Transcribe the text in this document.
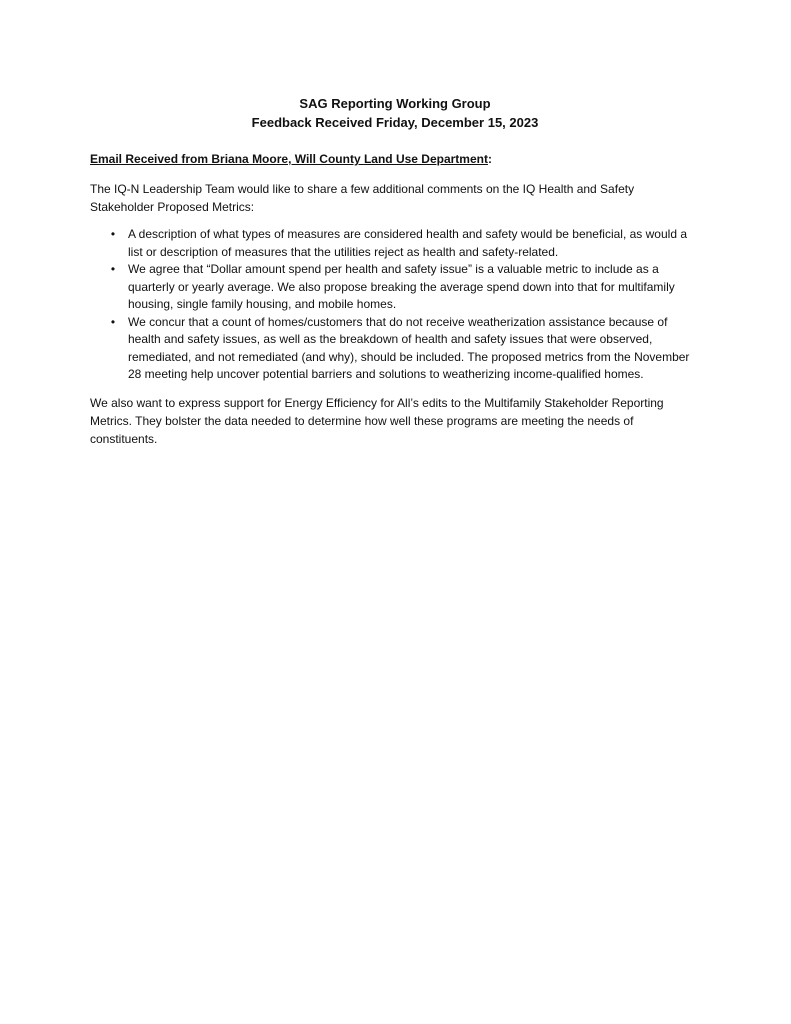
SAG Reporting Working Group
Feedback Received Friday, December 15, 2023
Email Received from Briana Moore, Will County Land Use Department:
The IQ-N Leadership Team would like to share a few additional comments on the IQ Health and Safety Stakeholder Proposed Metrics:
• A description of what types of measures are considered health and safety would be beneficial, as would a list or description of measures that the utilities reject as health and safety-related.
• We agree that “Dollar amount spend per health and safety issue” is a valuable metric to include as a quarterly or yearly average. We also propose breaking the average spend down into that for multifamily housing, single family housing, and mobile homes.
• We concur that a count of homes/customers that do not receive weatherization assistance because of health and safety issues, as well as the breakdown of health and safety issues that were observed, remediated, and not remediated (and why), should be included. The proposed metrics from the November 28 meeting help uncover potential barriers and solutions to weatherizing income-qualified homes.
We also want to express support for Energy Efficiency for All’s edits to the Multifamily Stakeholder Reporting Metrics. They bolster the data needed to determine how well these programs are meeting the needs of constituents.
